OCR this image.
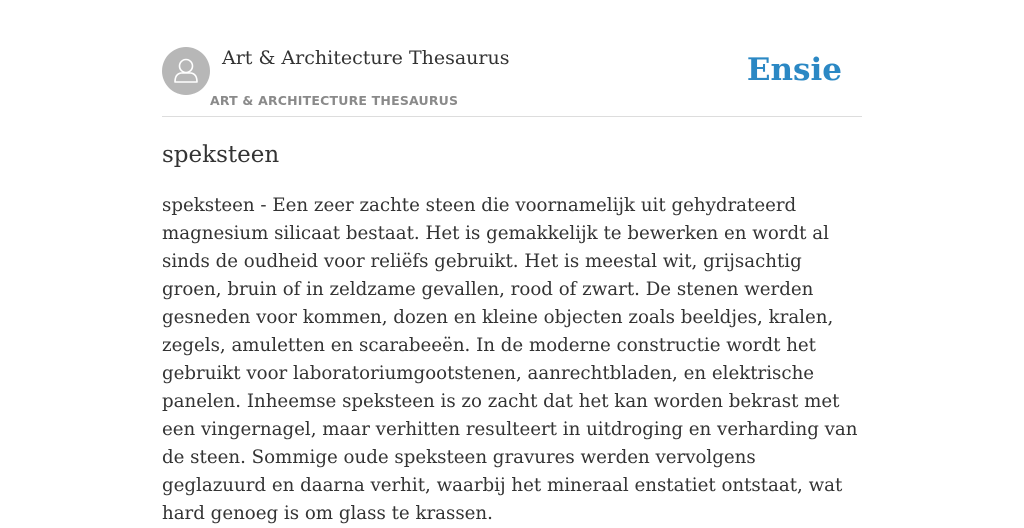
Art & Architecture Thesaurus
ART & ARCHITECTURE THESAURUS
Ensie
speksteen

speksteen - Een zeer zachte steen die voornamelijk uit gehydrateerd magnesium silicaat bestaat. Het is gemakkelijk te bewerken en wordt al sinds de oudheid voor reliëfs gebruikt. Het is meestal wit, grijsachtig groen, bruin of in zeldzame gevallen, rood of zwart. De stenen werden gesneden voor kommen, dozen en kleine objecten zoals beeldjes, kralen, zegels, amuletten en scarabeeën. In de moderne constructie wordt het gebruikt voor laboratoriumgootstenen, aanrechtbladen, en elektrische panelen. Inheemse speksteen is zo zacht dat het kan worden bekrast met een vingernagel, maar verhitten resulteert in uitdroging en verharding van de steen. Sommige oude speksteen gravures werden vervolgens geglazuurd en daarna verhit, waarbij het mineraal enstatiet ontstaat, wat hard genoeg is om glass te krassen.
